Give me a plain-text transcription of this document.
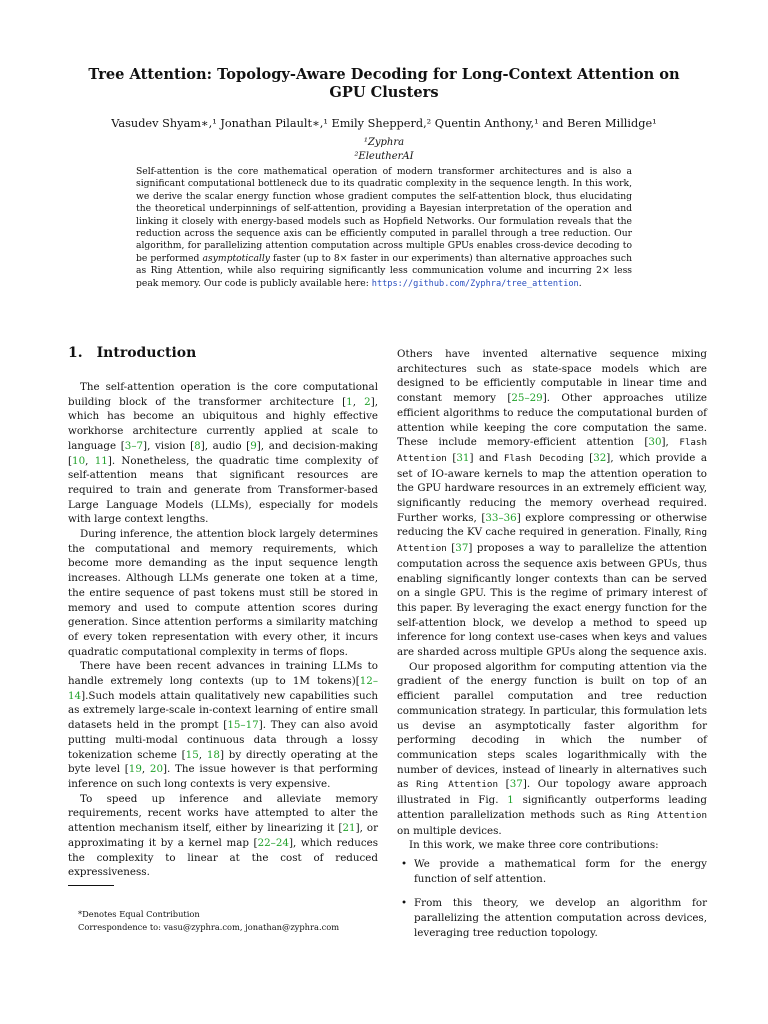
Tree Attention: Topology-Aware Decoding for Long-Context Attention on GPU Clusters
Vasudev Shyam∗,¹ Jonathan Pilault∗,¹ Emily Shepperd,² Quentin Anthony,¹ and Beren Millidge¹
¹Zyphra
²EleutherAI
Self-attention is the core mathematical operation of modern transformer architectures and is also a significant computational bottleneck due to its quadratic complexity in the sequence length. In this work, we derive the scalar energy function whose gradient computes the self-attention block, thus elucidating the theoretical underpinnings of self-attention, providing a Bayesian interpretation of the operation and linking it closely with energy-based models such as Hopfield Networks. Our formulation reveals that the reduction across the sequence axis can be efficiently computed in parallel through a tree reduction. Our algorithm, for parallelizing attention computation across multiple GPUs enables cross-device decoding to be performed asymptotically faster (up to 8× faster in our experiments) than alternative approaches such as Ring Attention, while also requiring significantly less communication volume and incurring 2× less peak memory. Our code is publicly available here: https://github.com/Zyphra/tree_attention.
1. Introduction

The self-attention operation is the core computational building block of the transformer architecture [1, 2], which has become an ubiquitous and highly effective workhorse architecture currently applied at scale to language [3–7], vision [8], audio [9], and decision-making [10, 11]. Nonetheless, the quadratic time complexity of self-attention means that significant resources are required to train and generate from Transformer-based Large Language Models (LLMs), especially for models with large context lengths.

During inference, the attention block largely determines the computational and memory requirements, which become more demanding as the input sequence length increases. Although LLMs generate one token at a time, the entire sequence of past tokens must still be stored in memory and used to compute attention scores during generation. Since attention performs a similarity matching of every token representation with every other, it incurs quadratic computational complexity in terms of flops.

There have been recent advances in training LLMs to handle extremely long contexts (up to 1M tokens)[12–14].Such models attain qualitatively new capabilities such as extremely large-scale in-context learning of entire small datasets held in the prompt [15–17]. They can also avoid putting multi-modal continuous data through a lossy tokenization scheme [15, 18] by directly operating at the byte level [19, 20]. The issue however is that performing inference on such long contexts is very expensive.

To speed up inference and alleviate memory requirements, recent works have attempted to alter the attention mechanism itself, either by linearizing it [21], or approximating it by a kernel map [22–24], which reduces the complexity to linear at the cost of reduced expressiveness.

*Denotes Equal Contribution
Correspondence to: vasu@zyphra.com, jonathan@zyphra.com

Others have invented alternative sequence mixing architectures such as state-space models which are designed to be efficiently computable in linear time and constant memory [25–29]. Other approaches utilize efficient algorithms to reduce the computational burden of attention while keeping the core computation the same. These include memory-efficient attention [30], Flash Attention [31] and Flash Decoding [32], which provide a set of IO-aware kernels to map the attention operation to the GPU hardware resources in an extremely efficient way, significantly reducing the memory overhead required. Further works, [33–36] explore compressing or otherwise reducing the KV cache required in generation. Finally, Ring Attention [37] proposes a way to parallelize the attention computation across the sequence axis between GPUs, thus enabling significantly longer contexts than can be served on a single GPU. This is the regime of primary interest of this paper. By leveraging the exact energy function for the self-attention block, we develop a method to speed up inference for long context use-cases when keys and values are sharded across multiple GPUs along the sequence axis.

Our proposed algorithm for computing attention via the gradient of the energy function is built on top of an efficient parallel computation and tree reduction communication strategy. In particular, this formulation lets us devise an asymptotically faster algorithm for performing decoding in which the number of communication steps scales logarithmically with the number of devices, instead of linearly in alternatives such as Ring Attention [37]. Our topology aware approach illustrated in Fig. 1 significantly outperforms leading attention parallelization methods such as Ring Attention on multiple devices.

In this work, we make three core contributions:

• We provide a mathematical form for the energy function of self attention.
• From this theory, we develop an algorithm for parallelizing the attention computation across devices, leveraging tree reduction topology.
